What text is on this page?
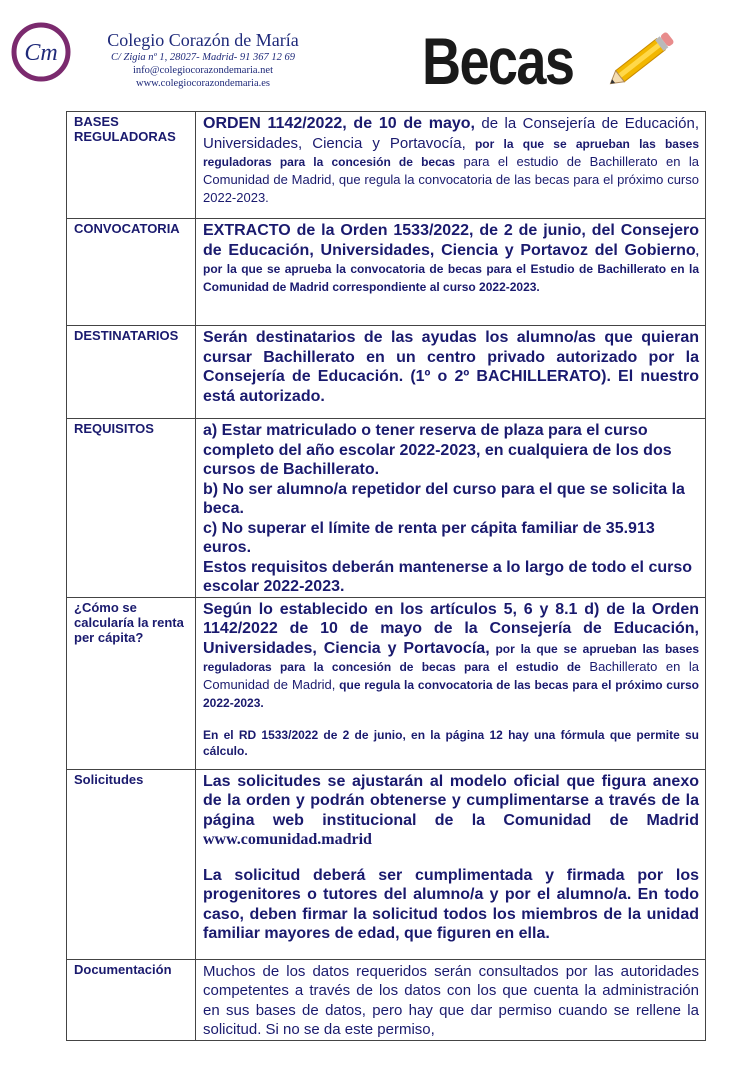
Cm	Colegio Corazón de María
C/ Zigia nº 1, 28027- Madrid- 91 367 12 69
info@colegiocorazondemaria.net
www.colegiocorazondemaria.es	Becas
BASES REGULADORAS	ORDEN 1142/2022, de 10 de mayo, de la Consejería de Educación, Universidades, Ciencia y Portavocía, por la que se aprueban las bases reguladoras para la concesión de becas para el estudio de Bachillerato en la Comunidad de Madrid, que regula la convocatoria de las becas para el próximo curso 2022-2023.
CONVOCATORIA	EXTRACTO de la Orden 1533/2022, de 2 de junio, del Consejero de Educación, Universidades, Ciencia y Portavoz del Gobierno, por la que se aprueba la convocatoria de becas para el Estudio de Bachillerato en la Comunidad de Madrid correspondiente al curso 2022-2023.
DESTINATARIOS	Serán destinatarios de las ayudas los alumno/as que quieran cursar Bachillerato en un centro privado autorizado por la Consejería de Educación. (1º o 2º BACHILLERATO). El nuestro está autorizado.
REQUISITOS	a) Estar matriculado o tener reserva de plaza para el curso completo del año escolar 2022-2023, en cualquiera de los dos cursos de Bachillerato.
b) No ser alumno/a repetidor del curso para el que se solicita la beca.
c) No superar el límite de renta per cápita familiar de 35.913 euros.
Estos requisitos deberán mantenerse a lo largo de todo el curso escolar 2022-2023.

¿Cómo se calcularía la renta per cápita?	Según lo establecido en los artículos 5, 6 y 8.1 d) de la Orden 1142/2022 de 10 de mayo de la Consejería de Educación, Universidades, Ciencia y Portavocía, por la que se aprueban las bases reguladoras para la concesión de becas para el estudio de Bachillerato en la Comunidad de Madrid, que regula la convocatoria de las becas para el próximo curso 2022-2023.
En el RD 1533/2022 de 2 de junio, en la página 12 hay una fórmula que permite su cálculo.

Solicitudes	Las solicitudes se ajustarán al modelo oficial que figura anexo de la orden y podrán obtenerse y cumplimentarse a través de la página web institucional de la Comunidad de Madrid www.comunidad.madrid
La solicitud deberá ser cumplimentada y firmada por los progenitores o tutores del alumno/a y por el alumno/a. En todo caso, deben firmar la solicitud todos los miembros de la unidad familiar mayores de edad, que figuren en ella.

Documentación	Muchos de los datos requeridos serán consultados por las autoridades competentes a través de los datos con los que cuenta la administración en sus bases de datos, pero hay que dar permiso cuando se rellene la solicitud. Si no se da este permiso,
